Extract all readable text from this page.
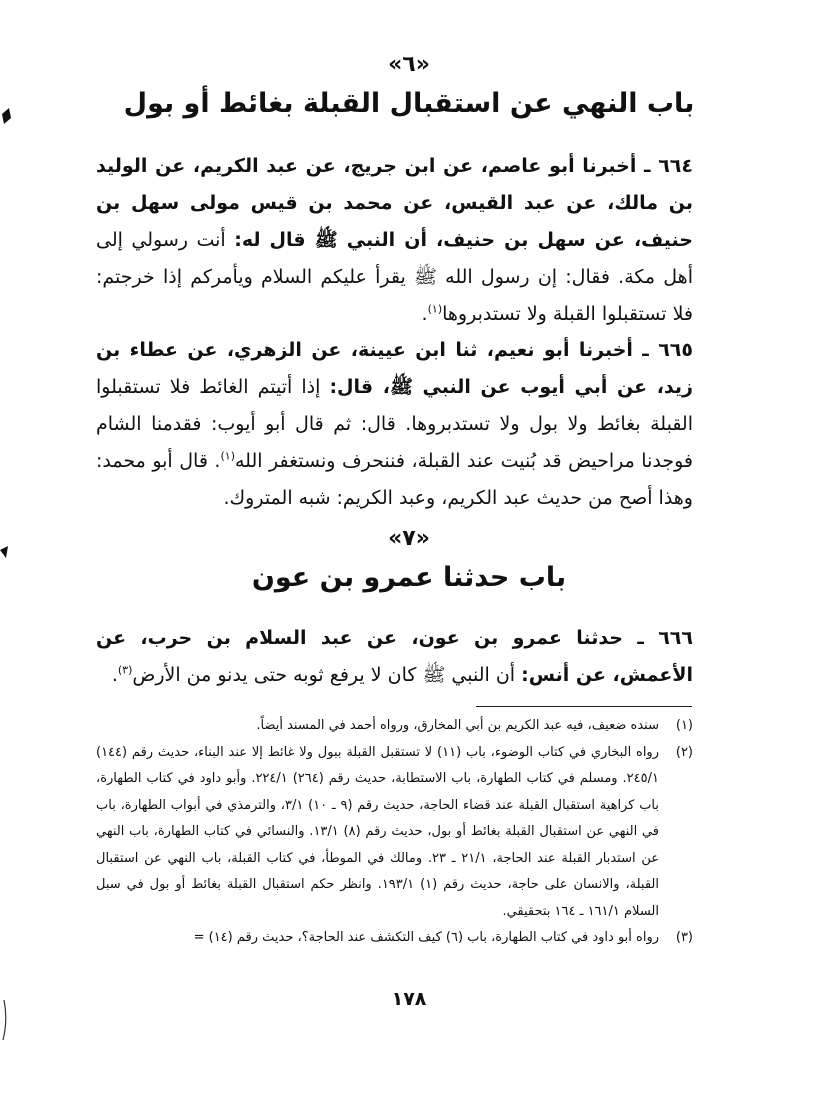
«٦»
باب النهي عن استقبال القبلة بغائط أو بول

٦٦٤ ـ أخبرنا أبو عاصم، عن ابن جريج، عن عبد الكريم، عن الوليد بن مالك، عن عبد القيس، عن محمد بن قيس مولى سهل بن حنيف، عن سهل بن حنيف، أن النبي ﷺ قال له: أنت رسولي إلى أهل مكة. فقال: إن رسول الله ﷺ يقرأ عليكم السلام ويأمركم إذا خرجتم: فلا تستقبلوا القبلة ولا تستدبروها$^{(١)}$.

٦٦٥ ـ أخبرنا أبو نعيم، ثنا ابن عيينة، عن الزهري، عن عطاء بن زيد، عن أبي أيوب عن النبي ﷺ، قال: إذا أتيتم الغائط فلا تستقبلوا القبلة بغائط ولا بول ولا تستدبروها. قال: ثم قال أبو أيوب: فقدمنا الشام فوجدنا مراحيض قد بُنيت عند القبلة، فننحرف ونستغفر الله$^{(١)}$. قال أبو محمد: وهذا أصح من حديث عبد الكريم، وعبد الكريم: شبه المتروك.

«٧»
باب حدثنا عمرو بن عون

٦٦٦ ـ حدثنا عمرو بن عون، عن عبد السلام بن حرب، عن الأعمش، عن أنس: أن النبي ﷺ كان لا يرفع ثوبه حتى يدنو من الأرض$^{(٣)}$.

(١)
سنده ضعيف، فيه عبد الكريم بن أبي المخارق، ورواه أحمد في المسند أيضاً.
(٢)
رواه البخاري في كتاب الوضوء، باب (١١) لا تستقبل القبلة ببول ولا غائط إلا عند البناء، حديث رقم (١٤٤) ٢٤٥/١. ومسلم في كتاب الطهارة، باب الاستطابة، حديث رقم (٢٦٤) ٢٢٤/١. وأبو داود في كتاب الطهارة، باب كراهية استقبال القبلة عند قضاء الحاجة، حديث رقم (٩ ـ ١٠) ٣/١، والترمذي في أبواب الطهارة، باب في النهي عن استقبال القبلة بغائط أو بول، حديث رقم (٨) ١٣/١. والنسائي في كتاب الطهارة، باب النهي عن استدبار القبلة عند الحاجة، ٢١/١ ـ ٢٣. ومالك في الموطأ، في كتاب القبلة، باب النهي عن استقبال القبلة، والانسان على حاجة، حديث رقم (١) ١٩٣/١. وانظر حكم استقبال القبلة بغائط أو بول في سبل السلام ١٦١/١ ـ ١٦٤ بتحقيقي.
(٣)
رواه أبو داود في كتاب الطهارة، باب (٦) كيف التكشف عند الحاجة؟، حديث رقم (١٤) =
١٧٨
